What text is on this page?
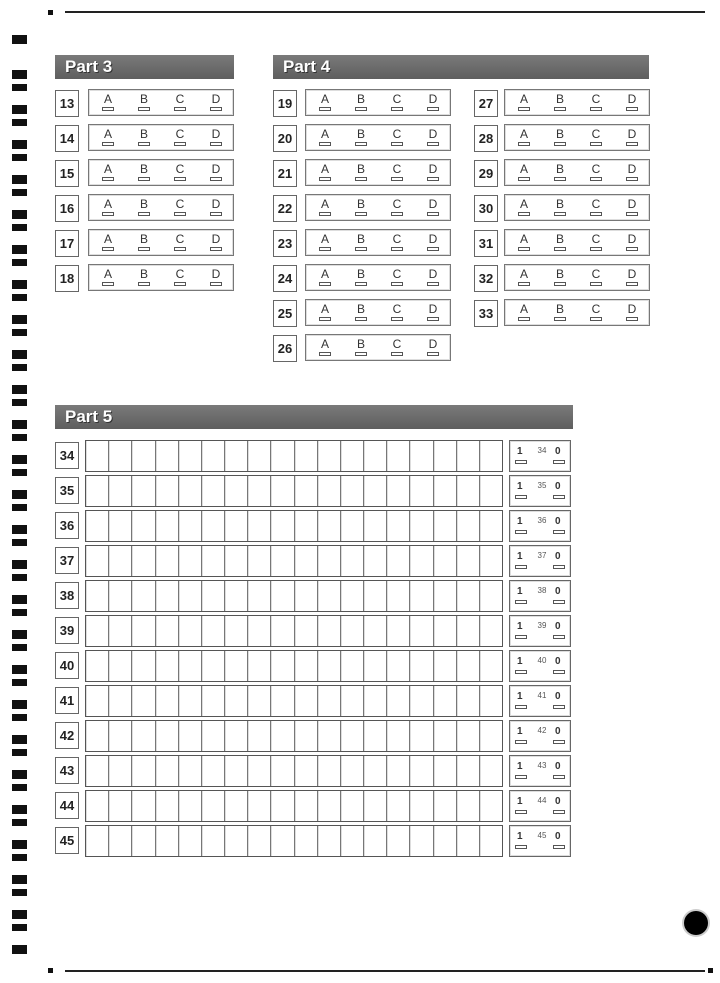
Part 3	Part 4
Part 5
13	A B C D
14	A B C D
15	A B C D
16	A B C D
17	A B C D
18	A B C D
19	A B C D
20	A B C D
21	A B C D
22	A B C D
23	A B C D
24	A B C D
25	A B C D
26	A B C D
27	A B C D
28	A B C D
29	A B C D
30	A B C D
31	A B C D
32	A B C D
33	A B C D
34	1	34 0
35	1	35 0
36	1	36 0
37	1	37 0
38	1	38 0
39	1	39 0
40	1	40 0
41	1	41 0
42	1	42 0
43	1	43 0
44	1	44 0
45	1	45 0
